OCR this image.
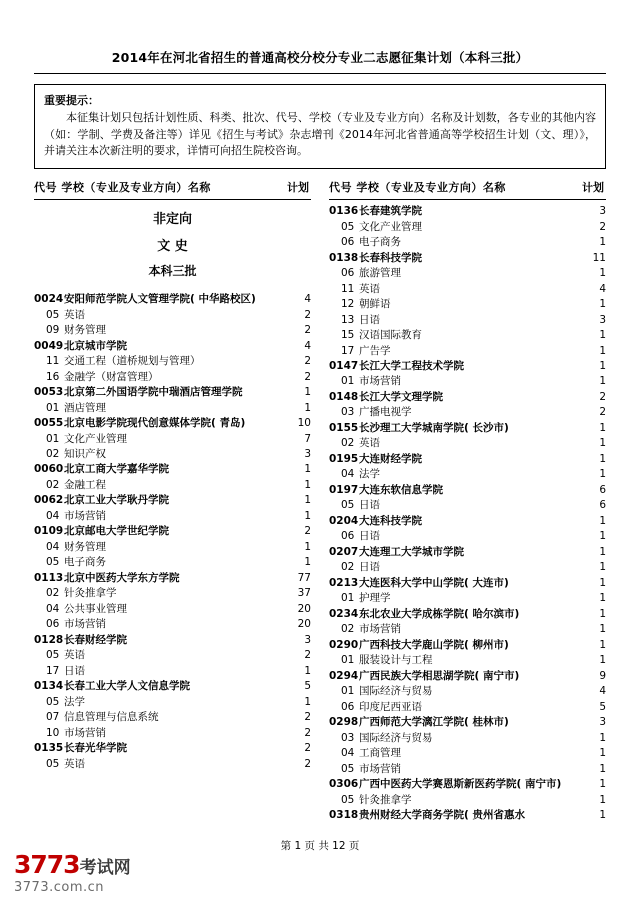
2014年在河北省招生的普通高校分校分专业二志愿征集计划（本科三批）
重要提示：
本征集计划只包括计划性质、科类、批次、代号、学校（专业及专业方向）名称及计划数，各专业的其他内容（如：学制、学费及备注等）详见《招生与考试》杂志增刊《2014年河北省普通高等学校招生计划（文、理）》，并请关注本次新注明的要求，详情可向招生院校咨询。
代号 学校（专业及专业方向）名称	计划
非定向
文 史
本科三批
0024 安阳师范学院人文管理学院( 中华路校区)	4
05 英语	2
09 财务管理	2
0049 北京城市学院	4
11 交通工程（道桥规划与管理）	2
16 金融学（财富管理）	2
0053 北京第二外国语学院中瑞酒店管理学院	1
01 酒店管理	1
0055 北京电影学院现代创意媒体学院( 青岛)	10
01 文化产业管理	7
02 知识产权	3
0060 北京工商大学嘉华学院	1
02 金融工程	1
0062 北京工业大学耿丹学院	1
04 市场营销	1
0109 北京邮电大学世纪学院	2
04 财务管理	1
05 电子商务	1
0113 北京中医药大学东方学院	77
02 针灸推拿学	37
04 公共事业管理	20
06 市场营销	20
0128 长春财经学院	3
05 英语	2
17 日语	1
0134 长春工业大学人文信息学院	5
05 法学	1
07 信息管理与信息系统	2
10 市场营销	2
0135 长春光华学院	2
05 英语	2
代号 学校（专业及专业方向）名称	计划
0136 长春建筑学院	3
05 文化产业管理	2
06 电子商务	1
0138 长春科技学院	11
06 旅游管理	1
11 英语	4
12 朝鲜语	1
13 日语	3
15 汉语国际教育	1
17 广告学	1
0147 长江大学工程技术学院	1
01 市场营销	1
0148 长江大学文理学院	2
03 广播电视学	2
0155 长沙理工大学城南学院( 长沙市)	1
02 英语	1
0195 大连财经学院	1
04 法学	1
0197 大连东软信息学院	6
05 日语	6
0204 大连科技学院	1
06 日语	1
0207 大连理工大学城市学院	1
02 日语	1
0213 大连医科大学中山学院( 大连市)	1
01 护理学	1
0234 东北农业大学成栋学院( 哈尔滨市)	1
02 市场营销	1
0290 广西科技大学鹿山学院( 柳州市)	1
01 服装设计与工程	1
0294 广西民族大学相思湖学院( 南宁市)	9
01 国际经济与贸易	4
06 印度尼西亚语	5
0298 广西师范大学漓江学院( 桂林市)	3
03 国际经济与贸易	1
04 工商管理	1
05 市场营销	1
0306 广西中医药大学赛恩斯新医药学院( 南宁市)	1
05 针灸推拿学	1
0318 贵州财经大学商务学院( 贵州省惠水	1
第 1 页 共 12 页
3773考试网
3773.com.cn
